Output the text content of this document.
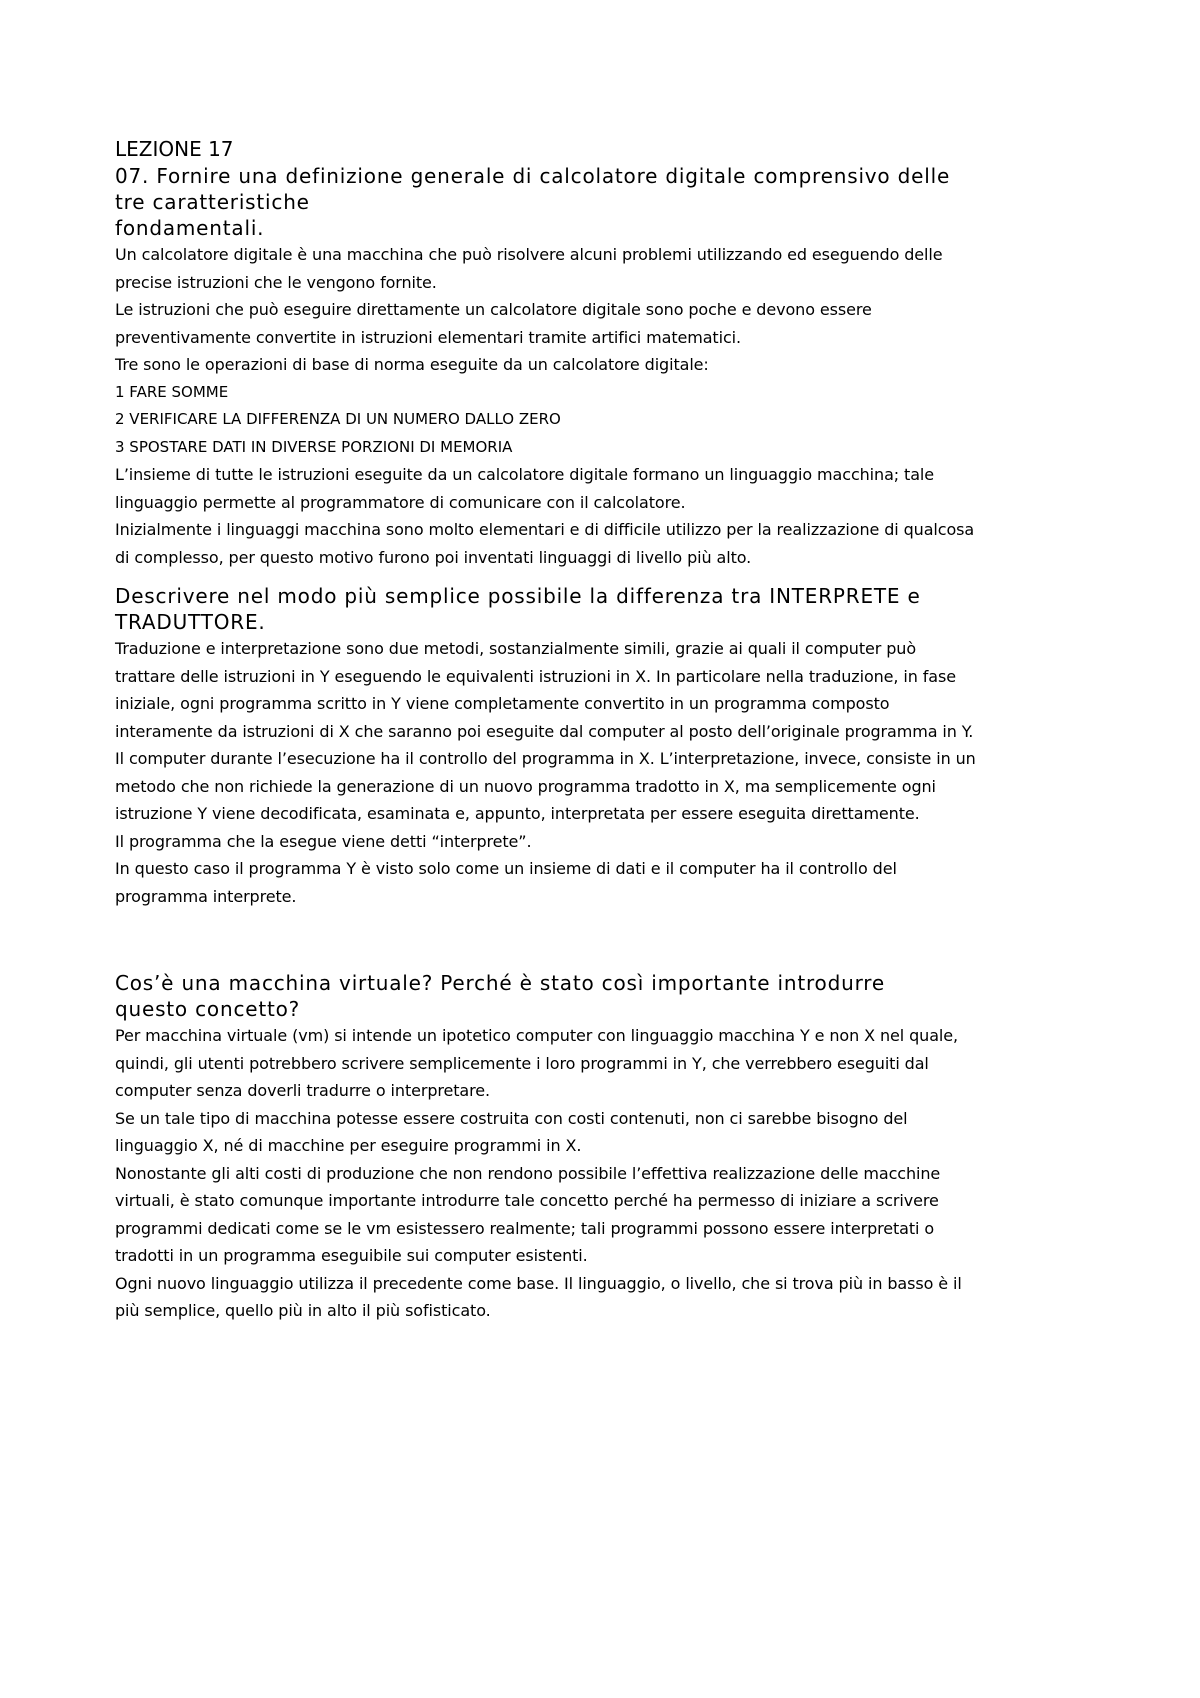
LEZIONE 17

07. Fornire una definizione generale di calcolatore digitale comprensivo delle

tre caratteristiche

fondamentali.

Un calcolatore digitale è una macchina che può risolvere alcuni problemi utilizzando ed eseguendo delle

precise istruzioni che le vengono fornite.

Le istruzioni che può eseguire direttamente un calcolatore digitale sono poche e devono essere

preventivamente convertite in istruzioni elementari tramite artifici matematici.

Tre sono le operazioni di base di norma eseguite da un calcolatore digitale:

1 FARE SOMME

2 VERIFICARE LA DIFFERENZA DI UN NUMERO DALLO ZERO

3 SPOSTARE DATI IN DIVERSE PORZIONI DI MEMORIA

L’insieme di tutte le istruzioni eseguite da un calcolatore digitale formano un linguaggio macchina; tale

linguaggio permette al programmatore di comunicare con il calcolatore.

Inizialmente i linguaggi macchina sono molto elementari e di difficile utilizzo per la realizzazione di qualcosa

di complesso, per questo motivo furono poi inventati linguaggi di livello più alto.

Descrivere nel modo più semplice possibile la differenza tra INTERPRETE e

TRADUTTORE.

Traduzione e interpretazione sono due metodi, sostanzialmente simili, grazie ai quali il computer può

trattare delle istruzioni in Y eseguendo le equivalenti istruzioni in X. In particolare nella traduzione, in fase

iniziale, ogni programma scritto in Y viene completamente convertito in un programma composto

interamente da istruzioni di X che saranno poi eseguite dal computer al posto dell’originale programma in Y.

Il computer durante l’esecuzione ha il controllo del programma in X. L’interpretazione, invece, consiste in un

metodo che non richiede la generazione di un nuovo programma tradotto in X, ma semplicemente ogni

istruzione Y viene decodificata, esaminata e, appunto, interpretata per essere eseguita direttamente.

Il programma che la esegue viene detti “interprete”.

In questo caso il programma Y è visto solo come un insieme di dati e il computer ha il controllo del

programma interprete.

Cos’è una macchina virtuale? Perché è stato così importante introdurre

questo concetto?

Per macchina virtuale (vm) si intende un ipotetico computer con linguaggio macchina Y e non X nel quale,

quindi, gli utenti potrebbero scrivere semplicemente i loro programmi in Y, che verrebbero eseguiti dal

computer senza doverli tradurre o interpretare.

Se un tale tipo di macchina potesse essere costruita con costi contenuti, non ci sarebbe bisogno del

linguaggio X, né di macchine per eseguire programmi in X.

Nonostante gli alti costi di produzione che non rendono possibile l’effettiva realizzazione delle macchine

virtuali, è stato comunque importante introdurre tale concetto perché ha permesso di iniziare a scrivere

programmi dedicati come se le vm esistessero realmente; tali programmi possono essere interpretati o

tradotti in un programma eseguibile sui computer esistenti.

Ogni nuovo linguaggio utilizza il precedente come base. Il linguaggio, o livello, che si trova più in basso è il

più semplice, quello più in alto il più sofisticato.
